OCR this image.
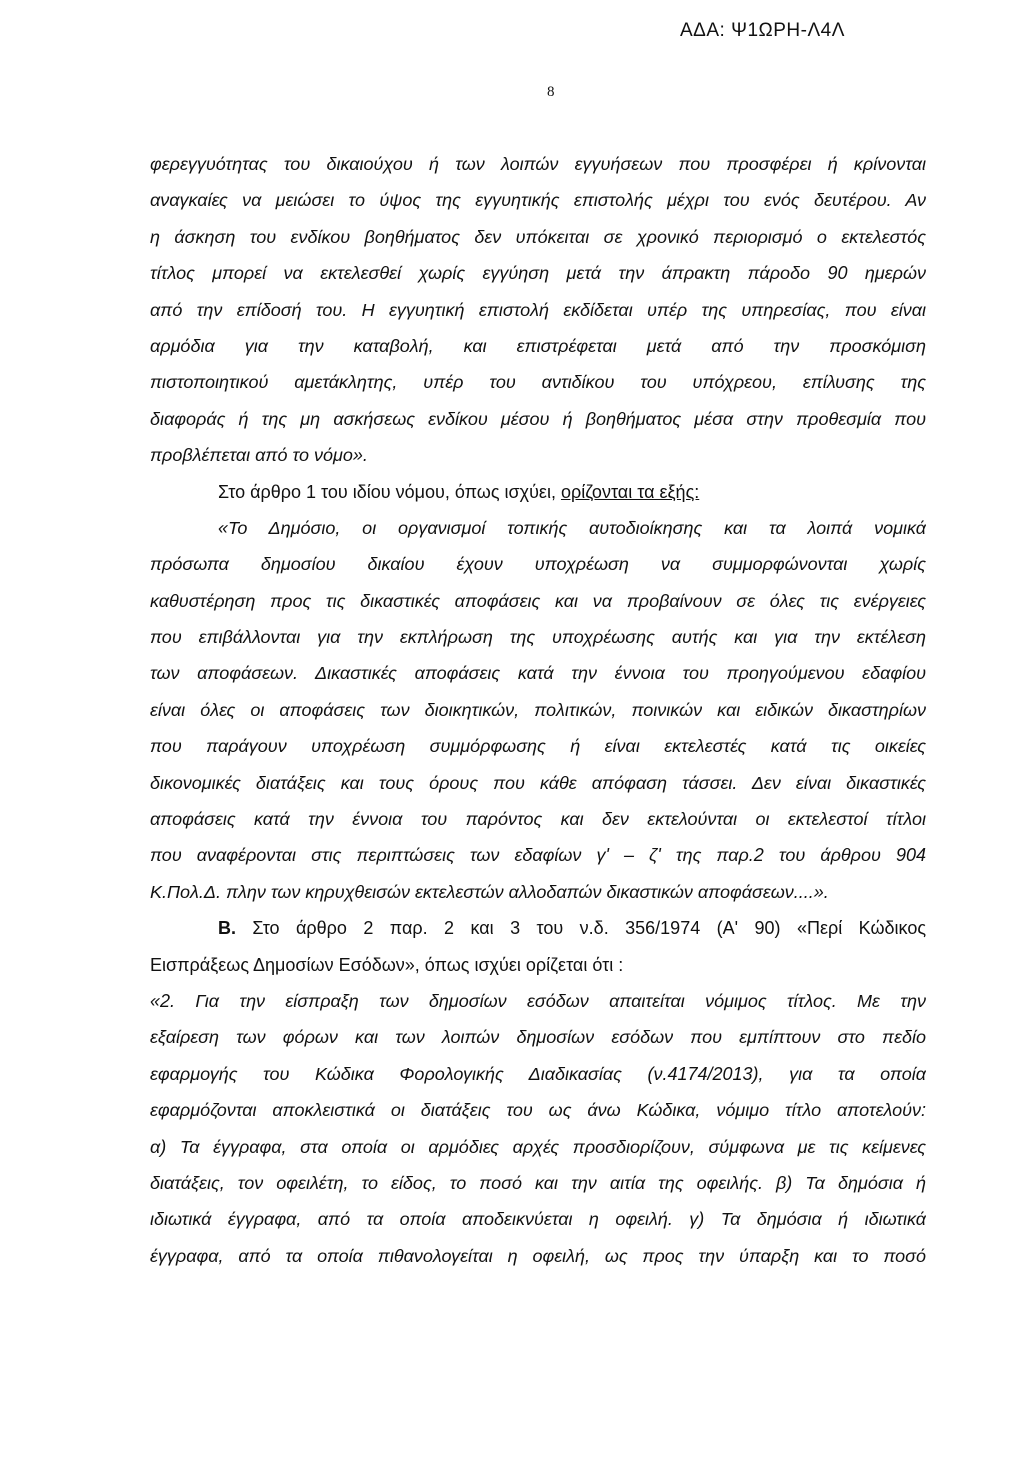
ΑΔΑ: Ψ1ΩΡΗ-Λ4Λ
8
φερεγγυότητας του δικαιούχου ή των λοιπών εγγυήσεων που προσφέρει ή κρίνονται
αναγκαίες να μειώσει το ύψος της εγγυητικής επιστολής μέχρι του ενός δευτέρου. Αν
η άσκηση του ενδίκου βοηθήματος δεν υπόκειται σε χρονικό περιορισμό ο εκτελεστός
τίτλος μπορεί να εκτελεσθεί χωρίς εγγύηση μετά την άπρακτη πάροδο 90 ημερών
από την επίδοσή του. Η εγγυητική επιστολή εκδίδεται υπέρ της υπηρεσίας, που είναι
αρμόδια για την καταβολή, και επιστρέφεται μετά από την προσκόμιση
πιστοποιητικού αμετάκλητης, υπέρ του αντιδίκου του υπόχρεου, επίλυσης της
διαφοράς ή της μη ασκήσεως ενδίκου μέσου ή βοηθήματος μέσα στην προθεσμία που
προβλέπεται από το νόμο».
Στο άρθρο 1 του ιδίου νόμου, όπως ισχύει, ορίζονται τα εξής:
«Το Δημόσιο, οι οργανισμοί τοπικής αυτοδιοίκησης και τα λοιπά νομικά
πρόσωπα δημοσίου δικαίου έχουν υποχρέωση να συμμορφώνονται χωρίς
καθυστέρηση προς τις δικαστικές αποφάσεις και να προβαίνουν σε όλες τις ενέργειες
που επιβάλλονται για την εκπλήρωση της υποχρέωσης αυτής και για την εκτέλεση
των αποφάσεων. Δικαστικές αποφάσεις κατά την έννοια του προηγούμενου εδαφίου
είναι όλες οι αποφάσεις των διοικητικών, πολιτικών, ποινικών και ειδικών δικαστηρίων
που παράγουν υποχρέωση συμμόρφωσης ή είναι εκτελεστές κατά τις οικείες
δικονομικές διατάξεις και τους όρους που κάθε απόφαση τάσσει. Δεν είναι δικαστικές
αποφάσεις κατά την έννοια του παρόντος και δεν εκτελούνται οι εκτελεστοί τίτλοι
που αναφέρονται στις περιπτώσεις των εδαφίων γ' – ζ' της παρ.2 του άρθρου 904
Κ.Πολ.Δ. πλην των κηρυχθεισών εκτελεστών αλλοδαπών δικαστικών αποφάσεων....».
Β. Στο άρθρο 2 παρ. 2 και 3 του ν.δ. 356/1974 (Α' 90) «Περί Κώδικος
Εισπράξεως Δημοσίων Εσόδων», όπως ισχύει ορίζεται ότι :
«2. Για την είσπραξη των δημοσίων εσόδων απαιτείται νόμιμος τίτλος. Με την
εξαίρεση των φόρων και των λοιπών δημοσίων εσόδων που εμπίπτουν στο πεδίο
εφαρμογής του Κώδικα Φορολογικής Διαδικασίας (ν.4174/2013), για τα οποία
εφαρμόζονται αποκλειστικά οι διατάξεις του ως άνω Κώδικα, νόμιμο τίτλο αποτελούν:
α) Τα έγγραφα, στα οποία οι αρμόδιες αρχές προσδιορίζουν, σύμφωνα με τις κείμενες
διατάξεις, τον οφειλέτη, το είδος, το ποσό και την αιτία της οφειλής. β) Τα δημόσια ή
ιδιωτικά έγγραφα, από τα οποία αποδεικνύεται η οφειλή. γ) Τα δημόσια ή ιδιωτικά
έγγραφα, από τα οποία πιθανολογείται η οφειλή, ως προς την ύπαρξη και το ποσό
